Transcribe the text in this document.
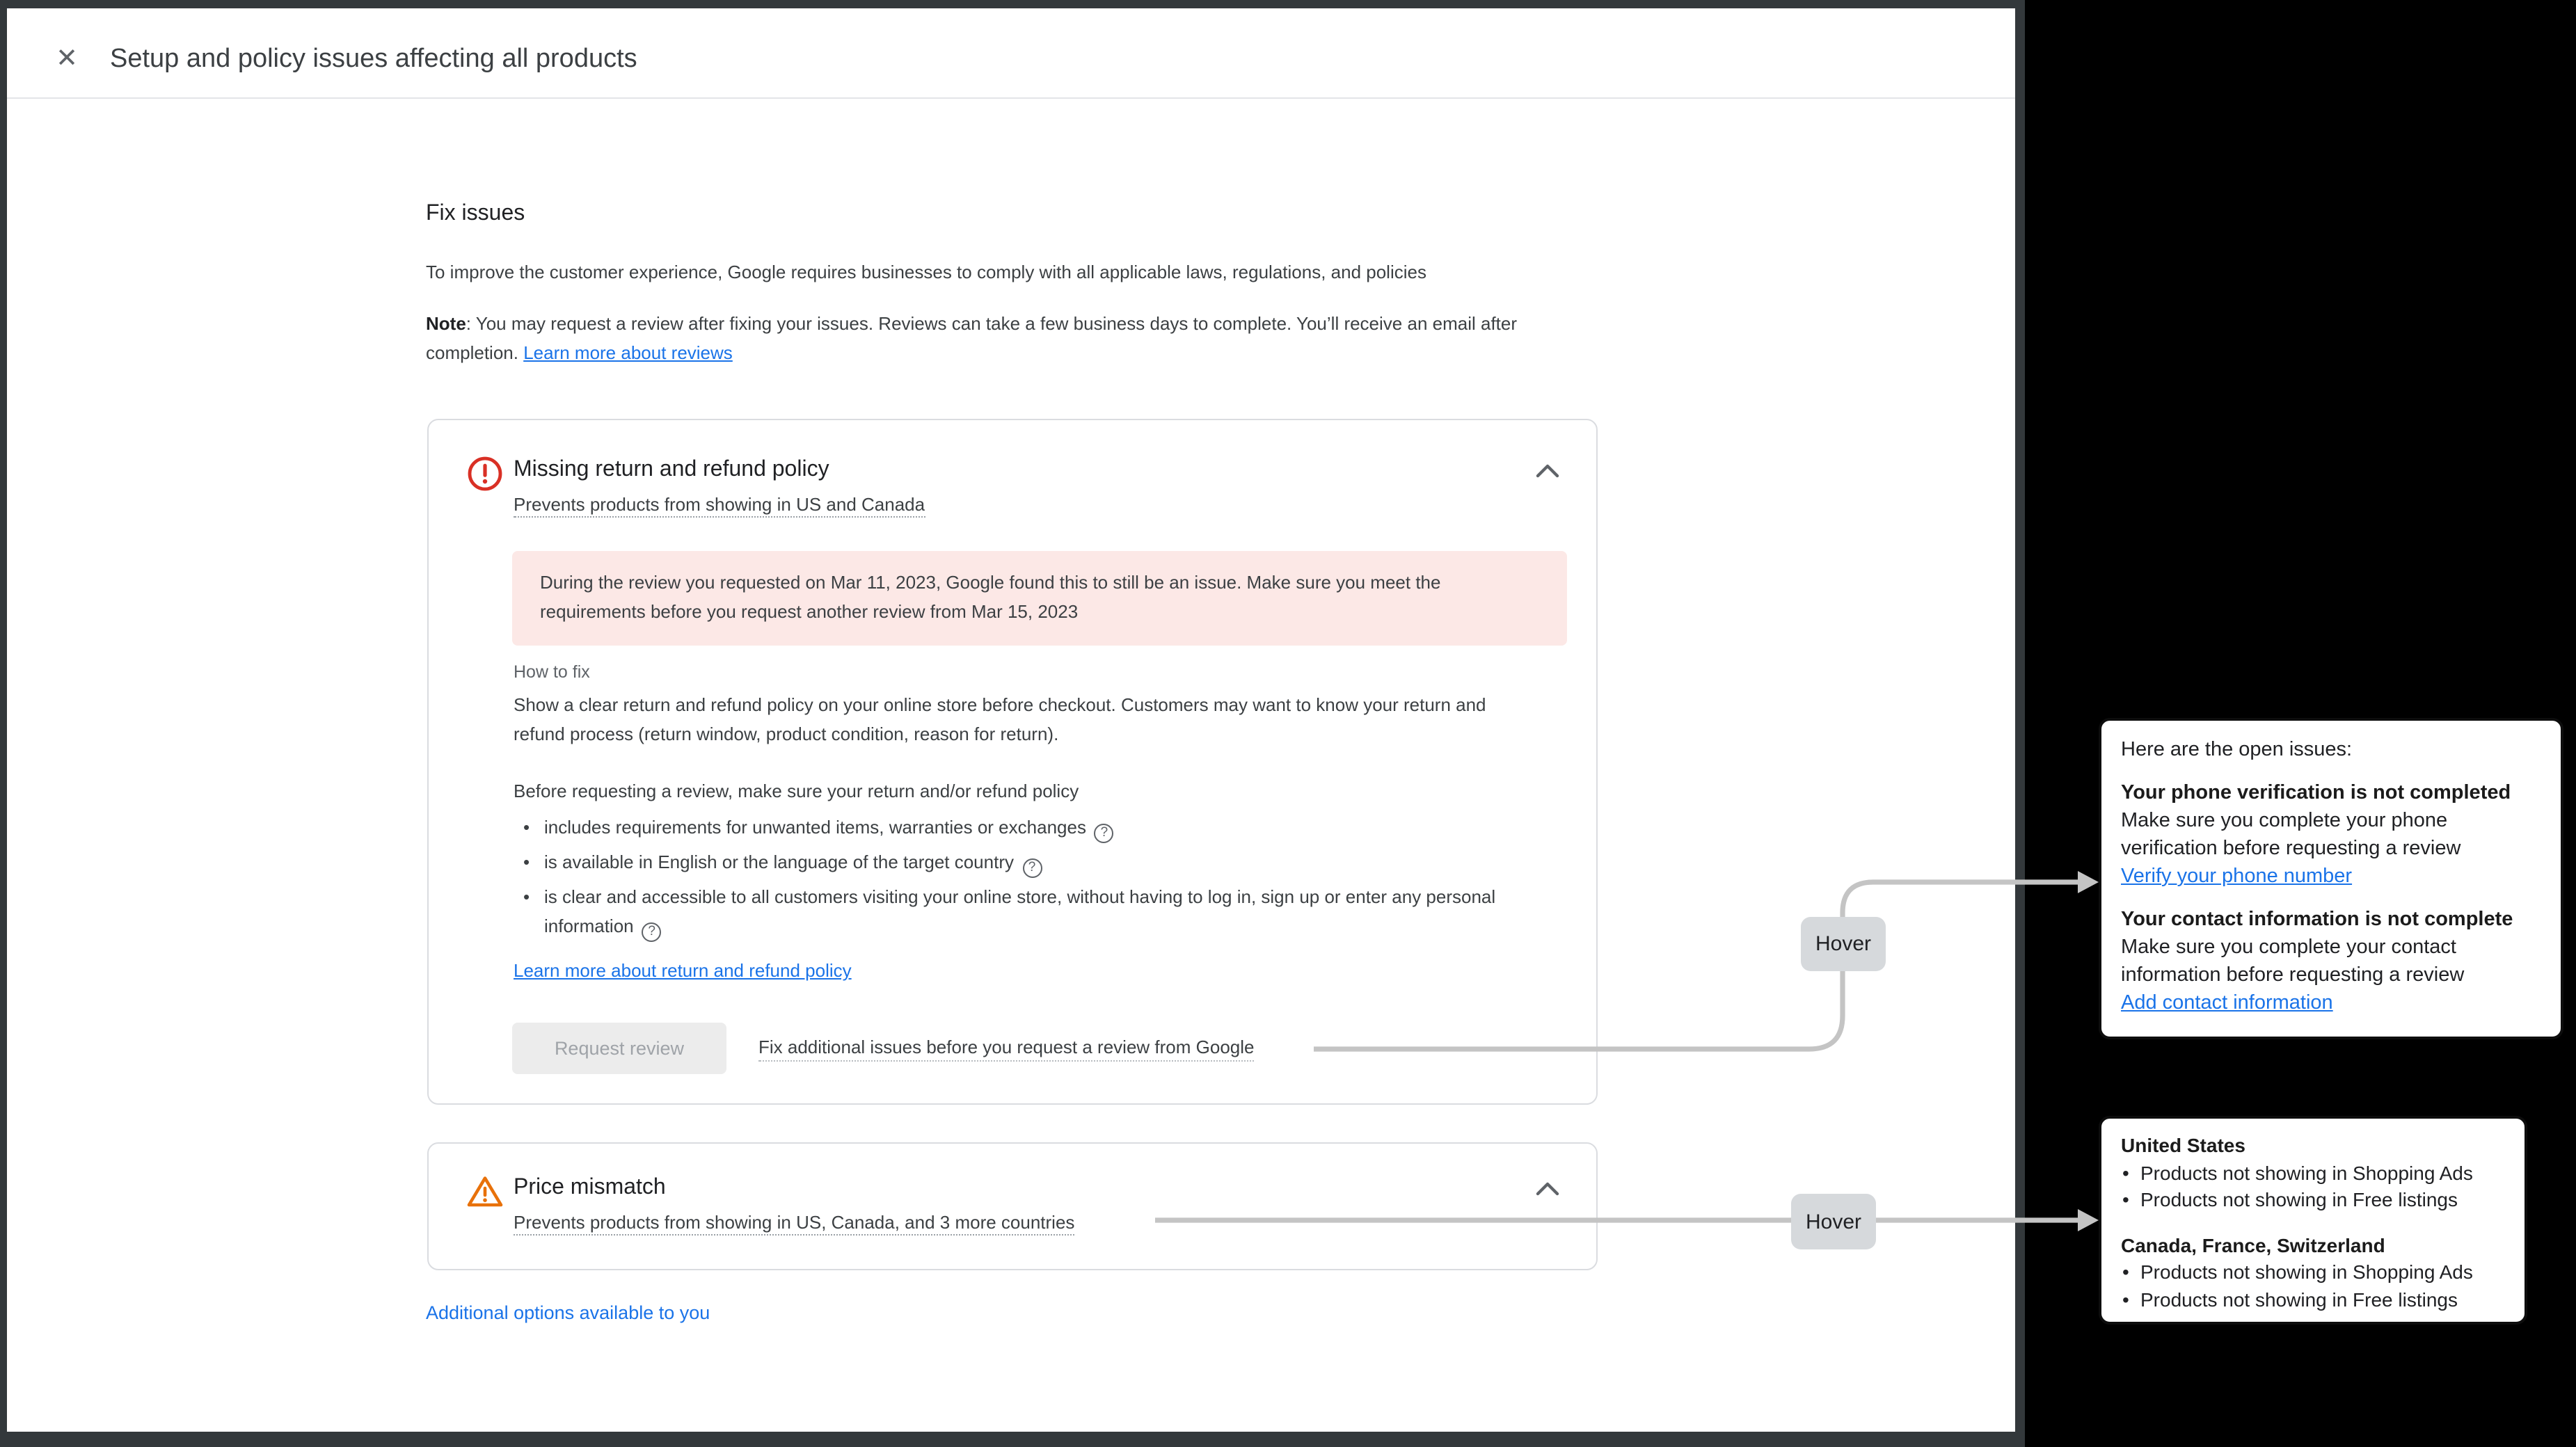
✕	Setup and policy issues affecting all products
Fix issues
To improve the customer experience, Google requires businesses to comply with all applicable laws, regulations, and policies
Note: You may request a review after fixing your issues. Reviews can take a few business days to complete. You’ll receive an email after completion. Learn more about reviews
Missing return and refund policy
Prevents products from showing in US and Canada
During the review you requested on Mar 11, 2023, Google found this to still be an issue. Make sure you meet the requirements before you request another review from Mar 15, 2023
How to fix
Show a clear return and refund policy on your online store before checkout. Customers may want to know your return and refund process (return window, product condition, reason for return).
Before requesting a review, make sure your return and/or refund policy
• includes requirements for unwanted items, warranties or exchanges ?
• is available in English or the language of the target country ?
• is clear and accessible to all customers visiting your online store, without having to log in, sign up or enter any personal information ?
Learn more about return and refund policy
Request review	Fix additional issues before you request a review from Google
Price mismatch
Prevents products from showing in US, Canada, and 3 more countries
Additional options available to you
Hover
Hover
Here are the open issues:
Your phone verification is not completed
Make sure you complete your phone verification before requesting a review
Verify your phone number
Your contact information is not complete
Make sure you complete your contact information before requesting a review
Add contact information
United States
• Products not showing in Shopping Ads
• Products not showing in Free listings
Canada, France, Switzerland
• Products not showing in Shopping Ads
• Products not showing in Free listings
